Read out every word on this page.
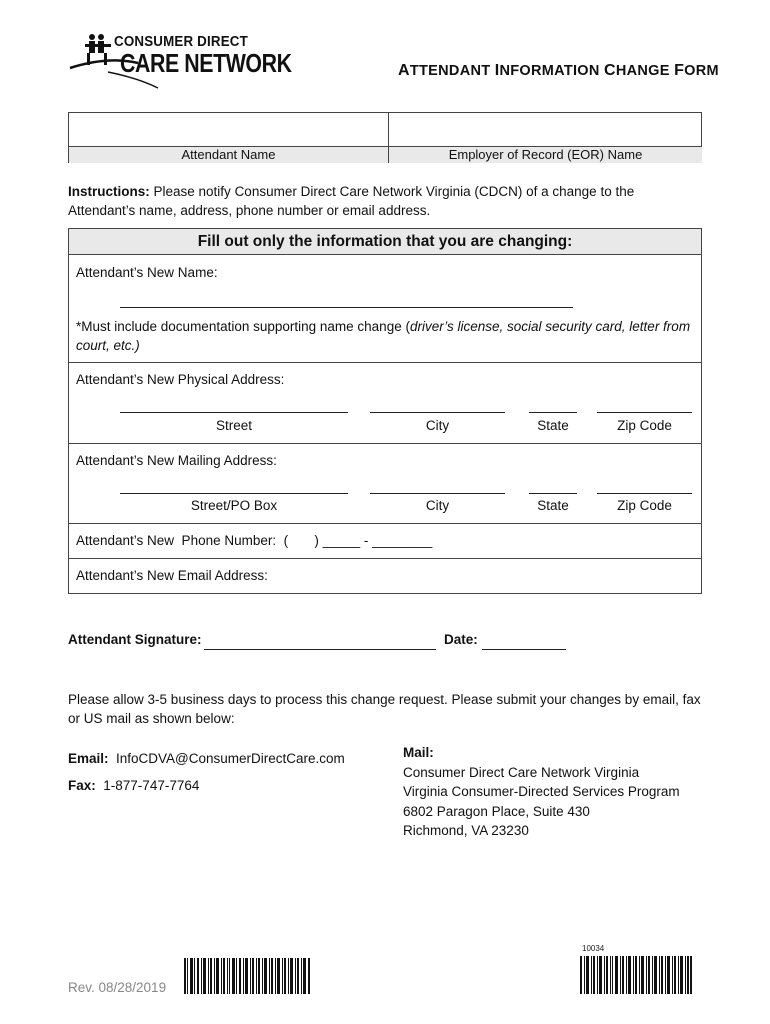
CONSUMER DIRECT
CARE NETWORK	ATTENDANT INFORMATION CHANGE FORM
Attendant Name	Employer of Record (EOR) Name
Instructions: Please notify Consumer Direct Care Network Virginia (CDCN) of a change to the Attendant’s name, address, phone number or email address.
Fill out only the information that you are changing:
Attendant’s New Name:
*Must include documentation supporting name change (driver’s license, social security card, letter from court, etc.)
Attendant’s New Physical Address:
Street	City	State	Zip Code
Attendant’s New Mailing Address:
Street/PO Box	City	State	Zip Code
Attendant’s New  Phone Number:  (       ) _____ - ________
Attendant’s New Email Address:
Attendant Signature:	Date:
Please allow 3-5 business days to process this change request. Please submit your changes by email, fax or US mail as shown below:
Email: InfoCDVA@ConsumerDirectCare.com
Fax: 1-877-747-7764
Mail:
Consumer Direct Care Network Virginia
Virginia Consumer-Directed Services Program
6802 Paragon Place, Suite 430
Richmond, VA 23230
Rev. 08/28/2019
10034
